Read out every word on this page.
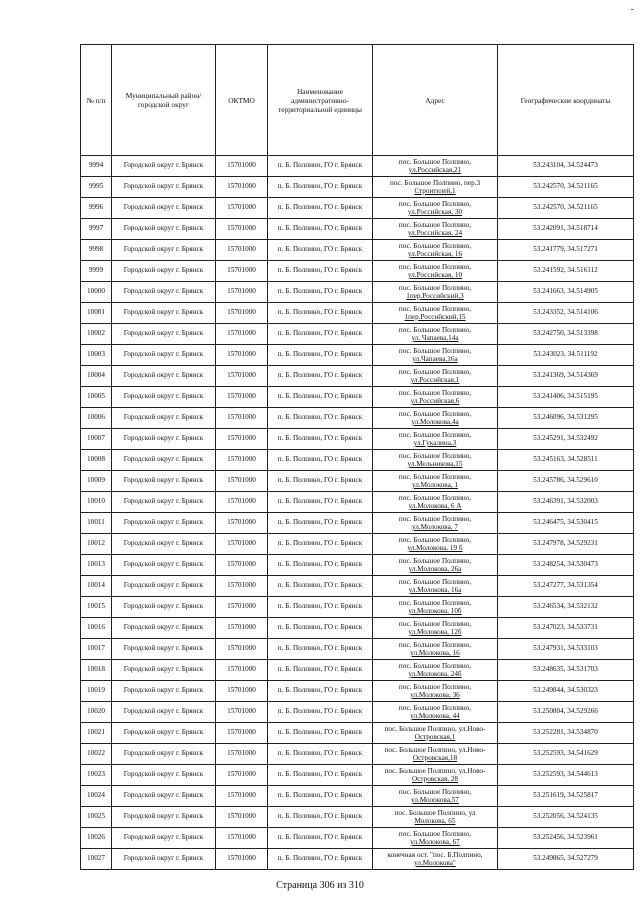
-
№ п/п	Муниципальный район/городской округ	ОКТМО	Наименование административно-территориальной единицы	Адрес	Географические координаты
9994	Городской округ г. Брянск	15701000	п. Б. Полпино, ГО г. Брянск	пос. Большое Полпино,
ул.Российская,21	53.243104, 34.524473
9995	Городской округ г. Брянск	15701000	п. Б. Полпино, ГО г. Брянск	пос. Большое Полпино, пер.3
Строителей,1	53.242570, 34.521165
9996	Городской округ г. Брянск	15701000	п. Б. Полпино, ГО г. Брянск	пос. Большое Полпино,
ул.Российская, 30	53.242570, 34.521165
9997	Городской округ г. Брянск	15701000	п. Б. Полпино, ГО г. Брянск	пос. Большое Полпино,
ул.Российская, 24	53.242091, 34.518714
9998	Городской округ г. Брянск	15701000	п. Б. Полпино, ГО г. Брянск	пос. Большое Полпино,
ул.Российская, 16	53.241779, 34.517271
9999	Городской округ г. Брянск	15701000	п. Б. Полпино, ГО г. Брянск	пос. Большое Полпино,
ул.Российская, 10	53.241592, 34.516112
10000	Городской округ г. Брянск	15701000	п. Б. Полпино, ГО г. Брянск	пос. Большое Полпино,
1пер.Российский,3	53.241663, 34.514905
10001	Городской округ г. Брянск	15701000	п. Б. Полпино, ГО г. Брянск	пос. Большое Полпино,
1пер.Российский,15	53.243352, 34.514106
10002	Городской округ г. Брянск	15701000	п. Б. Полпино, ГО г. Брянск	пос. Большое Полпино,
ул. Чапаева,14а	53.242750, 34.513398
10003	Городской округ г. Брянск	15701000	п. Б. Полпино, ГО г. Брянск	пос. Большое Полпино,
ул.Чапаева,16а	53.243023, 34.511192
10004	Городской округ г. Брянск	15701000	п. Б. Полпино, ГО г. Брянск	пос. Большое Полпино,
ул.Российская,1	53.241369, 34.514369
10005	Городской округ г. Брянск	15701000	п. Б. Полпино, ГО г. Брянск	пос. Большое Полпино,
ул.Российская,6	53.241406, 34.515195
10006	Городской округ г. Брянск	15701000	п. Б. Полпино, ГО г. Брянск	пос. Большое Полпино,
ул.Молокова,4а	53.246096, 34.531295
10007	Городской округ г. Брянск	15701000	п. Б. Полпино, ГО г. Брянск	пос. Большое Полпино,
ул.Гукалина,3	53.245291, 34.532492
10008	Городской округ г. Брянск	15701000	п. Б. Полпино, ГО г. Брянск	пос. Большое Полпино,
ул.Мельникова,15	53.245163, 34.528511
10009	Городской округ г. Брянск	15701000	п. Б. Полпино, ГО г. Брянск	пос. Большое Полпино,
ул.Молокова, 1	53.245786, 34.529610
10010	Городской округ г. Брянск	15701000	п. Б. Полпино, ГО г. Брянск	пос. Большое Полпино,
ул.Молокова, 6 А	53.246391, 34.532003
10011	Городской округ г. Брянск	15701000	п. Б. Полпино, ГО г. Брянск	пос. Большое Полпино,
ул.Молокова, 7	53.246475, 34.530415
10012	Городской округ г. Брянск	15701000	п. Б. Полпино, ГО г. Брянск	пос. Большое Полпино,
ул.Молокова, 19 б	53.247978, 34.529231
10013	Городской округ г. Брянск	15701000	п. Б. Полпино, ГО г. Брянск	пос. Большое Полпино,
ул.Молокова, 26а	53.248254, 34.530473
10014	Городской округ г. Брянск	15701000	п. Б. Полпино, ГО г. Брянск	пос. Большое Полпино,
ул.Молокова, 16а	53.247277, 34.531354
10015	Городской округ г. Брянск	15701000	п. Б. Полпино, ГО г. Брянск	пос. Большое Полпино,
ул.Молокова, 10б	53.246534, 34.532132
10016	Городской округ г. Брянск	15701000	п. Б. Полпино, ГО г. Брянск	пос. Большое Полпино,
ул.Молокова, 12б	53.247023, 34.533731
10017	Городской округ г. Брянск	15701000	п. Б. Полпино, ГО г. Брянск	пос. Большое Полпино,
ул.Молокова, 16	53.247931, 34.533103
10018	Городской округ г. Брянск	15701000	п. Б. Полпино, ГО г. Брянск	пос. Большое Полпино,
ул.Молокова, 24б	53.248635, 34.531703
10019	Городской округ г. Брянск	15701000	п. Б. Полпино, ГО г. Брянск	пос. Большое Полпино,
ул.Молокова, 36	53.249844, 34.530323
10020	Городской округ г. Брянск	15701000	п. Б. Полпино, ГО г. Брянск	пос. Большое Полпино,
ул.Молокова, 44	53.250804, 34.529266
10021	Городской округ г. Брянск	15701000	п. Б. Полпино, ГО г. Брянск	пос. Большое Полпино, ул.Ново-
Островская,1	53.252281, 34.534870
10022	Городской округ г. Брянск	15701000	п. Б. Полпино, ГО г. Брянск	пос. Большое Полпино, ул.Ново-
Островская,18	53.252593, 34.541629
10023	Городской округ г. Брянск	15701000	п. Б. Полпино, ГО г. Брянск	пос. Большое Полпино, ул.Ново-
Островская, 28	53.252593, 34.544613
10024	Городской округ г. Брянск	15701000	п. Б. Полпино, ГО г. Брянск	пос. Большое Полпино,
ул.Молокова,57	53.251619, 34.525817
10025	Городской округ г. Брянск	15701000	п. Б. Полпино, ГО г. Брянск	пос. Большое Полпино, ул
Молокова, 65	53.252056, 34.524135
10026	Городской округ г. Брянск	15701000	п. Б. Полпино, ГО г. Брянск	пос. Большое Полпино,
ул.Молокова, 67	53.252456, 34.523961
10027	Городской округ г. Брянск	15701000	п. Б. Полпино, ГО г. Брянск	конечная ост. "пос. Б.Полпино,
ул.Молокова"	53.249865, 34.527279
Страница 306 из 310
